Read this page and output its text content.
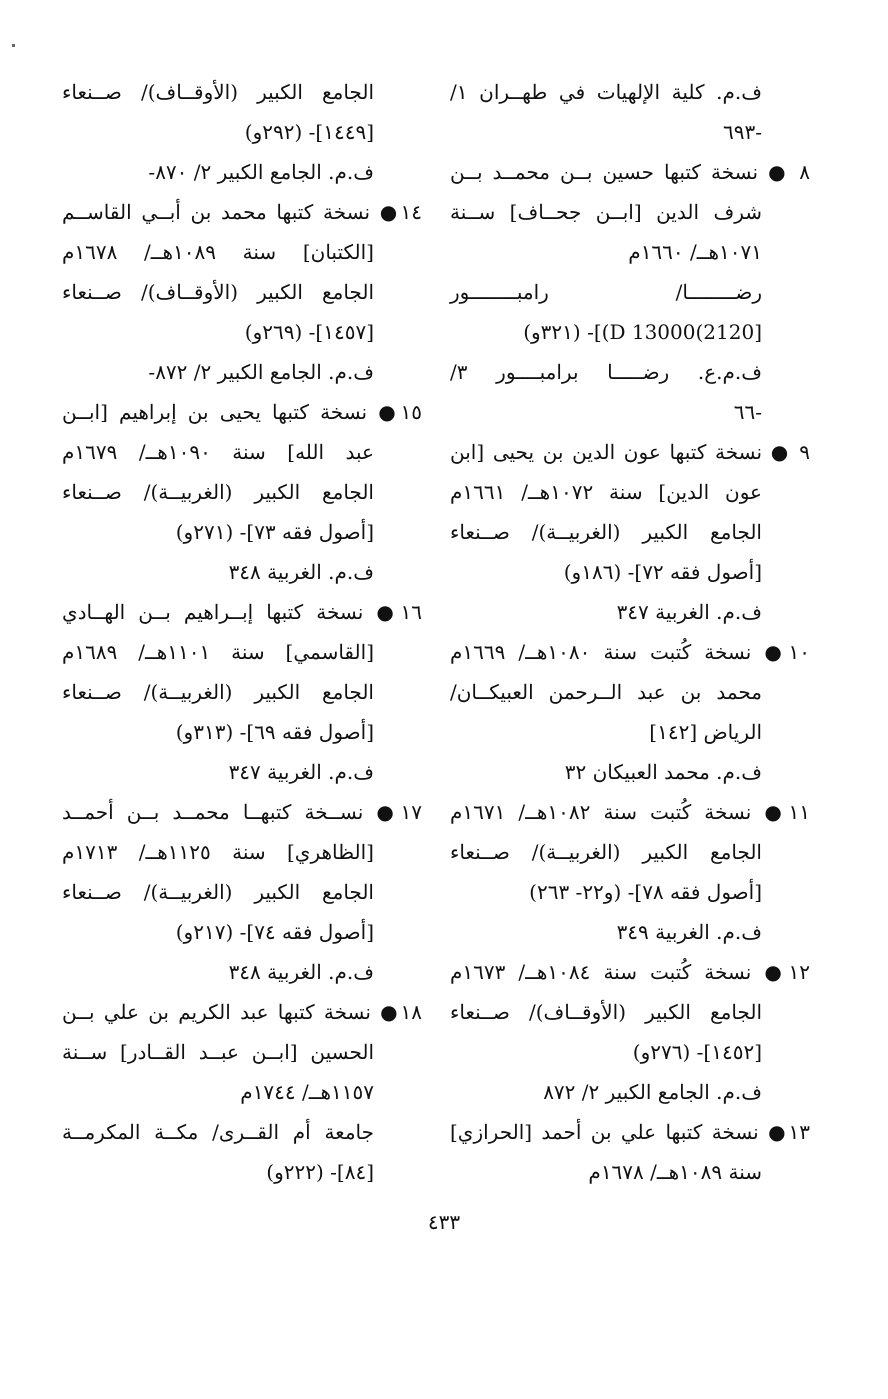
ف.م. كلية الإلهيات في طهــران ١/
-٦٩٣
٨ ● نسخة كتبها حسين بــن محمــد بــن
شرف الدين [ابــن جحــاف] ســنة
١٠٧١هــ/ ١٦٦٠م
رضــــــــا/ رامبــــــــور
[2120)13000 D)]- (٣٢١و)
ف.م.ع. رضـــــا برامبــــور ٣/
-٦٦
٩ ● نسخة كتبها عون الدين بن يحيى [ابن
عون الدين] سنة ١٠٧٢هــ/ ١٦٦١م
الجامع الكبير (الغربيــة)/ صــنعاء
[أصول فقه ٧٢]- (١٨٦و)
ف.م. الغربية ٣٤٧
١٠● نسخة كُتبت سنة ١٠٨٠هــ/ ١٦٦٩م
محمد بن عبد الــرحمن العبيكــان/
الرياض [١٤٢]
ف.م. محمد العبيكان ٣٢
١١● نسخة كُتبت سنة ١٠٨٢هــ/ ١٦٧١م
الجامع الكبير (الغربيــة)/ صــنعاء
[أصول فقه ٧٨]- (و٢٢- ٢٦٣)
ف.م. الغربية ٣٤٩
١٢● نسخة كُتبت سنة ١٠٨٤هــ/ ١٦٧٣م
الجامع الكبير (الأوقــاف)/ صــنعاء
[١٤٥٢]- (٢٧٦و)
ف.م. الجامع الكبير ٢/ ٨٧٢
١٣● نسخة كتبها علي بن أحمد [الحرازي]
سنة ١٠٨٩هــ/ ١٦٧٨م
الجامع الكبير (الأوقــاف)/ صــنعاء
[١٤٤٩]- (٢٩٢و)
ف.م. الجامع الكبير ٢/ ٨٧٠-
١٤● نسخة كتبها محمد بن أبــي القاســم
[الكتبان] سنة ١٠٨٩هــ/ ١٦٧٨م
الجامع الكبير (الأوقــاف)/ صــنعاء
[١٤٥٧]- (٢٦٩و)
ف.م. الجامع الكبير ٢/ ٨٧٢-
١٥● نسخة كتبها يحيى بن إبراهيم [ابــن
عبد الله] سنة ١٠٩٠هــ/ ١٦٧٩م
الجامع الكبير (الغربيــة)/ صــنعاء
[أصول فقه ٧٣]- (٢٧١و)
ف.م. الغربية ٣٤٨
١٦● نسخة كتبها إبــراهيم بــن الهــادي
[القاسمي] سنة ١١٠١هــ/ ١٦٨٩م
الجامع الكبير (الغربيــة)/ صــنعاء
[أصول فقه ٦٩]- (٣١٣و)
ف.م. الغربية ٣٤٧
١٧● نســخة كتبهــا محمــد بــن أحمــد
[الظاهري] سنة ١١٢٥هــ/ ١٧١٣م
الجامع الكبير (الغربيــة)/ صــنعاء
[أصول فقه ٧٤]- (٢١٧و)
ف.م. الغربية ٣٤٨
١٨● نسخة كتبها عبد الكريم بن علي بــن
الحسين [ابــن عبــد القــادر] ســنة
١١٥٧هــ/ ١٧٤٤م
جامعة أم القــرى/ مكــة المكرمــة
[٨٤]- (٢٢٢و)
٤٣٣
